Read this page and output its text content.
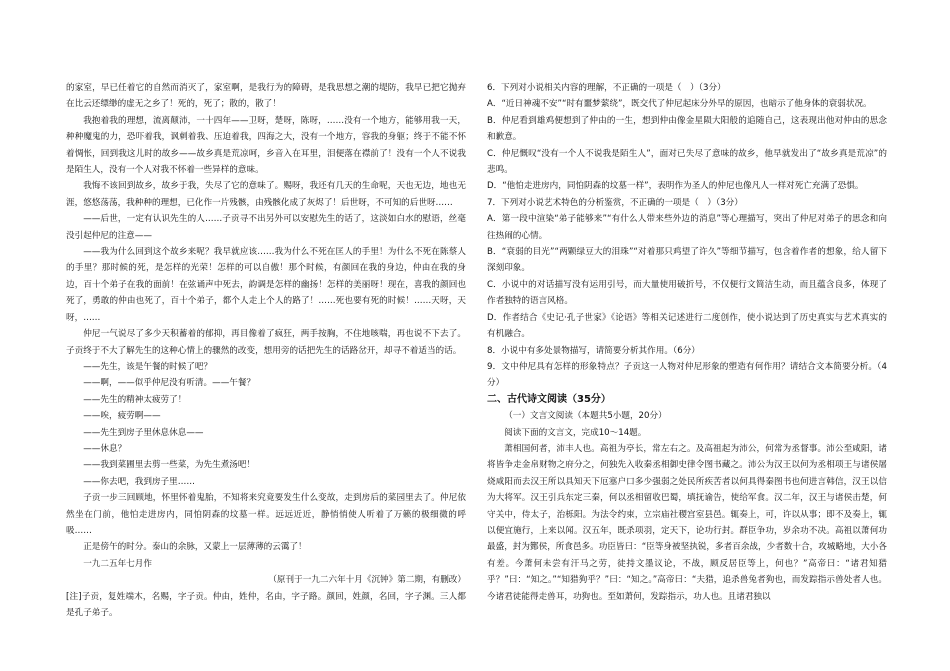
的家室，早已任着它的自然而消灭了，家室啊，是我行为的障碍，是我思想之潮的堤防，我早已把它抛弃在比云还缥缈的虚无之乡了！死的，死了；散的，散了！

我抱着我的理想，流离颠沛，一十四年——卫呀，楚呀，陈呀，……没有一个地方，能够用我一天，种种魔鬼的力，恐吓着我，讽刺着我、压迫着我，四海之大，没有一个地方，容我的身躯；终于不能不怀着惆怅，回到我这儿时的故乡——故乡真是荒凉呵，乡音入在耳里，泪便落在襟前了！没有一个人不说我是陌生人，没有一个人对我不怀着一些异样的意味。

我悔不该回到故乡，故乡于我，失尽了它的意味了。赐呀，我还有几天的生命呢，天也无边，地也无涯，悠悠荡荡，我种种的理想，已化作一片残骸，由残骸化成了灰烬了！后世呀，不可知的后世呀……

——后世，一定有认识先生的人……子贡寻不出另外可以安慰先生的话了，这淡如白水的慰语，丝毫没引起仲尼的注意——

——我为什么回到这个故乡来呢？我早就应该……我为什么不死在匡人的手里！为什么不死在陈蔡人的手里？那时候的死，是怎样的光荣！怎样的可以自傲！那个时候，有颜回在我的身边，仲由在我的身边，百十个弟子在我的面前！在弦诵声中死去，韵调是怎样的幽扬！怎样的美丽呀！现在，喜我的颜回也死了，勇敢的仲由也死了，百十个弟子，都个人走上个人的路了！……死也要有死的时候！……天呀，天呀，……

仲尼一气说尽了多少天积蓄着的郁抑，再目像着了疯狂，两手按胸，不住地咳喘，再也说不下去了。子贡终于不大了解先生的这种心情上的骤然的改变，想用旁的话把先生的话路岔开，却寻不着适当的话。

——先生，该是午餐的时候了吧？

——啊，——似乎仲尼没有听清。——午餐？

——先生的精神太疲劳了！

——唉，疲劳啊——

——先生到房子里休息休息——

——休息？

——我到菜圃里去剪一些菜，为先生煮汤吧！

——你去吧，我到房子里……

子贡一步三回顾地，怀里怀着鬼胎，不知将来究竟要发生什么变故，走到房后的菜园里去了。仲尼依然坐在门前，他怕走进房内，同怕阴森的坟墓一样。远远近近，静悄悄使人听着了万籁的极细微的呼吸……

正是傍午的时分。泰山的余脉，又蒙上一层薄薄的云霭了！

一九二五年七月作

（原刊于一九二六年十月《沉钟》第二期，有删改）

[注]子贡，复姓端木，名赐，字子贡。仲由，姓仲，名由，字子路。颜回，姓颜，名回，字子渊。三人都是孔子弟子。

6．下列对小说相关内容的理解，不正确的一项是（　）（3分）

A．“近日神魂不安”“时有噩梦萦绕”，既交代了仲尼起床分外早的原因，也暗示了他身体的衰弱状况。

B．仲尼看到雄鸡便想到了仲由的一生，想到仲由像金星陨大阳般的追随自己，这表现出他对仲由的思念和歉意。

C．仲尼慨叹“没有一个人不说我是陌生人”，面对已失尽了意味的故乡，他早就发出了“故乡真是荒凉”的悲鸣。

D．“他怕走进房内，同怕阴森的坟墓一样”，表明作为圣人的仲尼也像凡人一样对死亡充满了恐惧。

7．下列对小说艺术特色的分析鉴赏，不正确的一项是（　）（3分）

A．第一段中渲染“弟子能够来”“有什么人带来些外边的消息”等心理描写，突出了仲尼对弟子的思念和向往热闹的心情。

B．“衰弱的目光”“两颗绿豆大的泪珠”“对着那只鸡望了许久”等细节描写，包含着作者的想象，给人留下深刻印象。

C．小说中的对话描写没有运用引号，而大量使用破折号，不仅便行文简洁生动，而且蕴含良多，体现了作者独特的语言风格。

D．作者结合《史记·孔子世家》《论语》等相关记述进行二度创作，使小说达到了历史真实与艺术真实的有机融合。

8．小说中有多处景物描写，请简要分析其作用。（6分）

9．文中仲尼具有怎样的形象特点？子贡这一人物对仲尼形象的塑造有何作用？请结合文本简要分析。（4分）

二、古代诗文阅读（35分）

（一）文言文阅读（本题共5小题，20分）

阅读下面的文言文，完成10～14题。

萧相国何者，沛丰人也。高祖为亭长，常左右之。及高祖起为沛公，何常为丞督事。沛公至咸阳，诸将皆争走金帛财物之府分之，何独先入收秦丞相御史律令图书藏之。沛公为汉王以何为丞相项王与诸侯屠烧咸阳而去汉王所以具知天下厄塞户口多少强弱之处民所疾苦者以何具得秦图书也何进言韩信，汉王以信为大将军。汉王引兵东定三秦，何以丞相留收巴蜀，填抚谕告，使给军食。汉二年，汉王与诸侯击楚，何守关中，侍太子，治栎阳。为法令约束，立宗庙社稷宫室县邑。辄奏上，可，许以从事；即不及奏上，辄以便宜施行，上来以闻。汉五年，既杀项羽，定天下，论功行封。群臣争功，岁余功不决。高祖以萧何功最盛，封为酂侯，所食邑多。功臣皆曰：“臣等身被坚执锐，多者百余战，少者数十合，攻城略地，大小各有差。今萧何未尝有汗马之劳，徒持文墨议论，不战，顾反居臣等上，何也？”高帝曰：“诸君知猎乎？”曰：“知之。”“知猎狗乎？”曰：“知之。”高帝曰：“夫猎，追杀兽兔者狗也，而发踪指示兽处者人也。今诸君徒能得走兽耳，功狗也。至如萧何，发踪指示，功人也。且诸君独以
